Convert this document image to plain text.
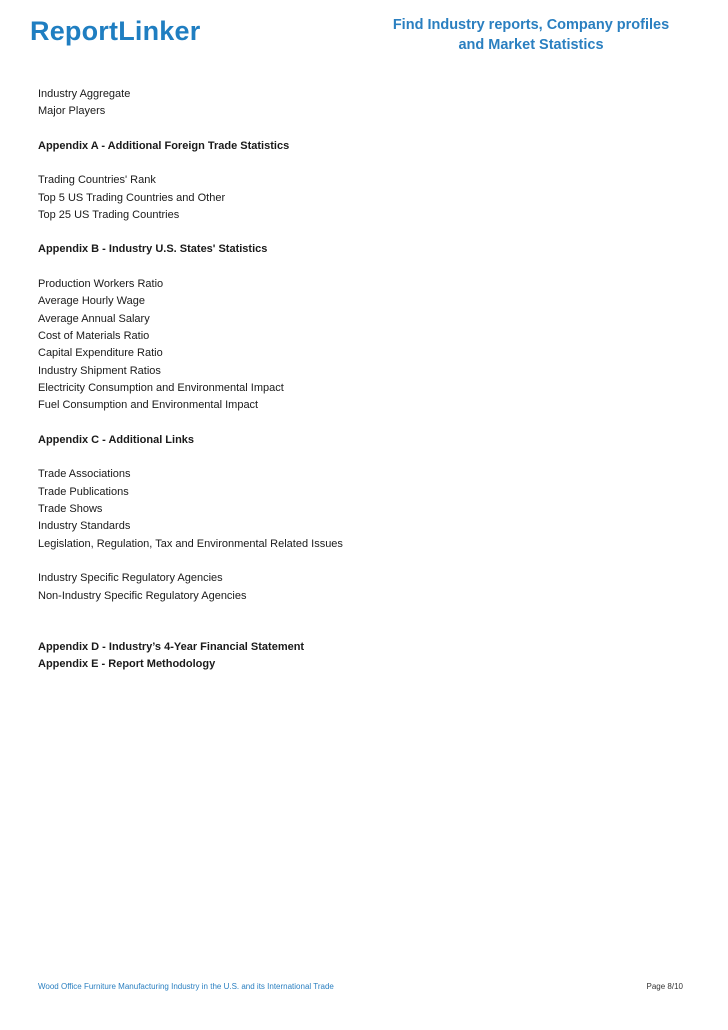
ReportLinker	Find Industry reports, Company profiles
and Market Statistics
Industry Aggregate
Major Players
Appendix A - Additional Foreign Trade Statistics
Trading Countries' Rank
Top 5 US Trading Countries and Other
Top 25 US Trading Countries
Appendix B - Industry U.S. States' Statistics
Production Workers Ratio
Average Hourly Wage
Average Annual Salary
Cost of Materials Ratio
Capital Expenditure Ratio
Industry Shipment Ratios
Electricity Consumption and Environmental Impact
Fuel Consumption and Environmental Impact
Appendix C - Additional Links
Trade Associations
Trade Publications
Trade Shows
Industry Standards
Legislation, Regulation, Tax and Environmental Related Issues
Industry Specific Regulatory Agencies
Non-Industry Specific Regulatory Agencies
Appendix D - Industry’s 4-Year Financial Statement
Appendix E - Report Methodology
Wood Office Furniture Manufacturing Industry in the U.S. and its International Trade	Page 8/10
